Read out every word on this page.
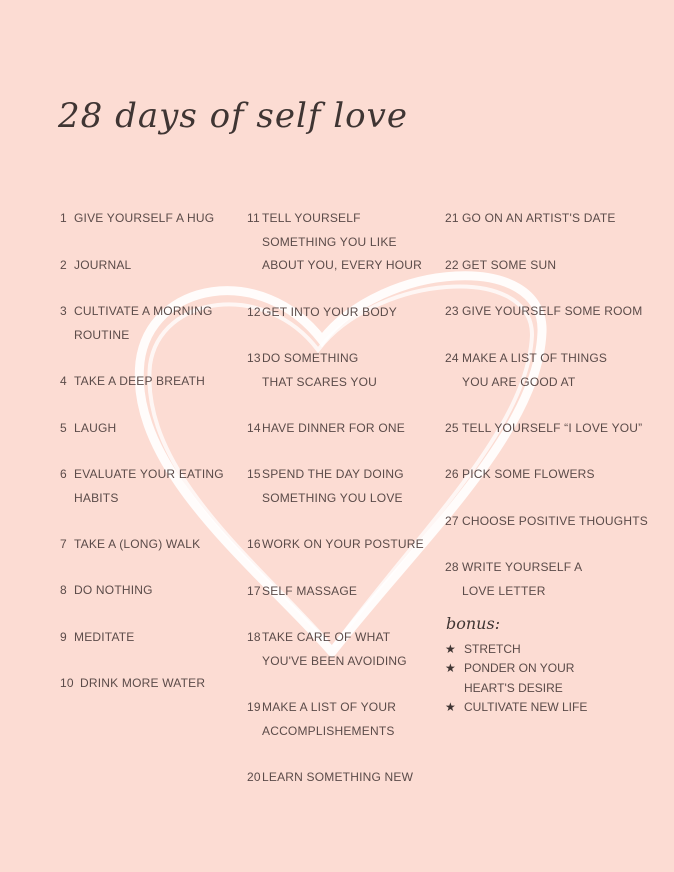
28 days of self love
1 GIVE YOURSELF A HUG
2 JOURNAL
3 CULTIVATE A MORNING
ROUTINE
4 TAKE A DEEP BREATH
5 LAUGH
6 EVALUATE YOUR EATING
HABITS
7 TAKE A (LONG) WALK
8 DO NOTHING
9 MEDITATE
10 DRINK MORE WATER
11 TELL YOURSELF
SOMETHING YOU LIKE
ABOUT YOU, EVERY HOUR
12 GET INTO YOUR BODY
13 DO SOMETHING
THAT SCARES YOU
14 HAVE DINNER FOR ONE
15 SPEND THE DAY DOING
SOMETHING YOU LOVE
16 WORK ON YOUR POSTURE
17 SELF MASSAGE
18 TAKE CARE OF WHAT
YOU'VE BEEN AVOIDING
19 MAKE A LIST OF YOUR
ACCOMPLISHEMENTS
20 LEARN SOMETHING NEW
21 GO ON AN ARTIST'S DATE
22 GET SOME SUN
23 GIVE YOURSELF SOME ROOM
24 MAKE A LIST OF THINGS
YOU ARE GOOD AT
25 TELL YOURSELF “I LOVE YOU”
26 PICK SOME FLOWERS
27 CHOOSE POSITIVE THOUGHTS
28 WRITE YOURSELF A
LOVE LETTER
bonus:
★ STRETCH
★ PONDER ON YOUR
HEART'S DESIRE
★ CULTIVATE NEW LIFE
